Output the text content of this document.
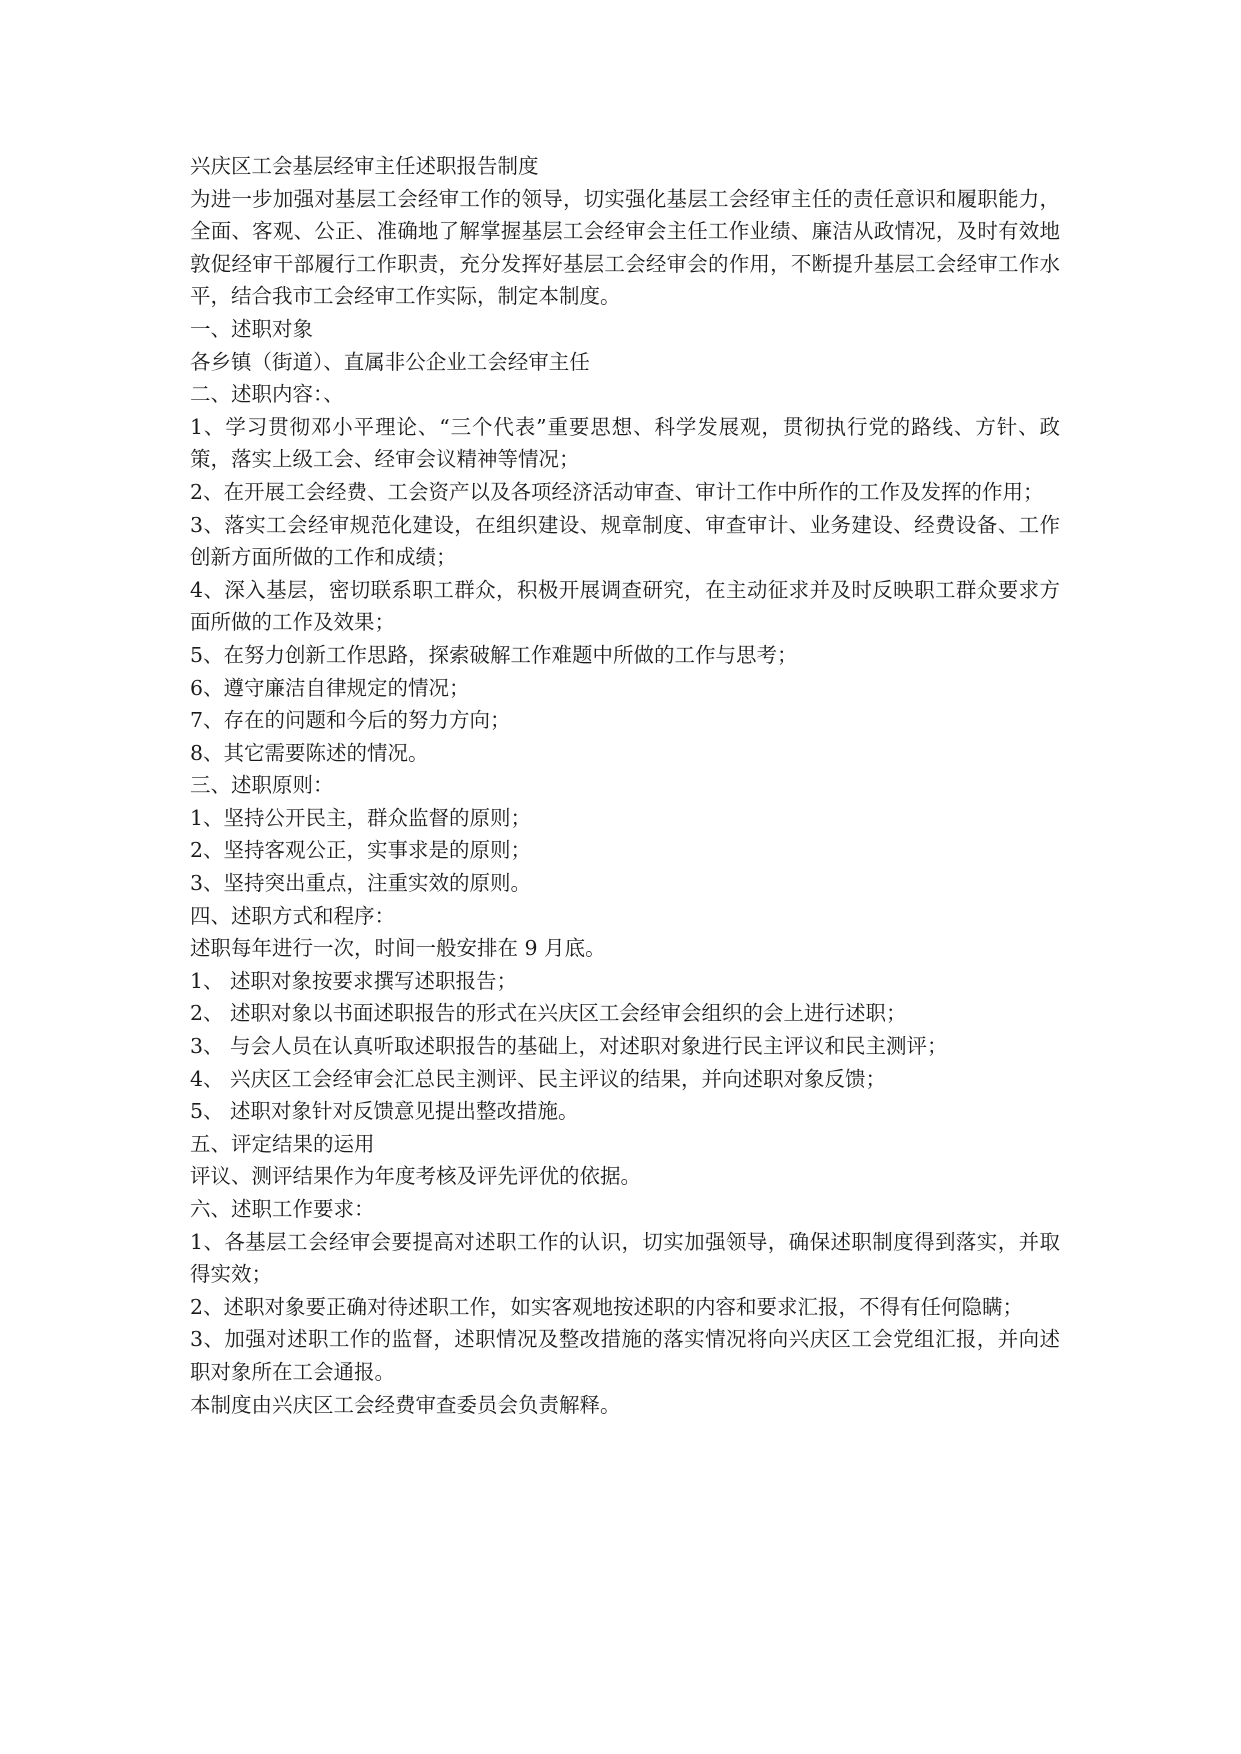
兴庆区工会基层经审主任述职报告制度

为进一步加强对基层工会经审工作的领导，切实强化基层工会经审主任的责任意识和履职能力，全面、客观、公正、准确地了解掌握基层工会经审会主任工作业绩、廉洁从政情况，及时有效地敦促经审干部履行工作职责，充分发挥好基层工会经审会的作用，不断提升基层工会经审工作水平，结合我市工会经审工作实际，制定本制度。

一、述职对象

各乡镇（街道）、直属非公企业工会经审主任

二、述职内容：、

1、学习贯彻邓小平理论、“三个代表”重要思想、科学发展观，贯彻执行党的路线、方针、政策，落实上级工会、经审会议精神等情况；

2、在开展工会经费、工会资产以及各项经济活动审查、审计工作中所作的工作及发挥的作用；

3、落实工会经审规范化建设，在组织建设、规章制度、审查审计、业务建设、经费设备、工作创新方面所做的工作和成绩；

4、深入基层，密切联系职工群众，积极开展调查研究，在主动征求并及时反映职工群众要求方面所做的工作及效果；

5、在努力创新工作思路，探索破解工作难题中所做的工作与思考；

6、遵守廉洁自律规定的情况；

7、存在的问题和今后的努力方向；

8、其它需要陈述的情况。

三、述职原则：

1、坚持公开民主，群众监督的原则；

2、坚持客观公正，实事求是的原则；

3、坚持突出重点，注重实效的原则。

四、述职方式和程序：

述职每年进行一次，时间一般安排在 9 月底。

1、 述职对象按要求撰写述职报告；

2、 述职对象以书面述职报告的形式在兴庆区工会经审会组织的会上进行述职；

3、 与会人员在认真听取述职报告的基础上，对述职对象进行民主评议和民主测评；

4、 兴庆区工会经审会汇总民主测评、民主评议的结果，并向述职对象反馈；

5、 述职对象针对反馈意见提出整改措施。

五、评定结果的运用

评议、测评结果作为年度考核及评先评优的依据。

六、述职工作要求：

1、各基层工会经审会要提高对述职工作的认识，切实加强领导，确保述职制度得到落实，并取得实效；

2、述职对象要正确对待述职工作，如实客观地按述职的内容和要求汇报，不得有任何隐瞒；

3、加强对述职工作的监督，述职情况及整改措施的落实情况将向兴庆区工会党组汇报，并向述职对象所在工会通报。

本制度由兴庆区工会经费审查委员会负责解释。
